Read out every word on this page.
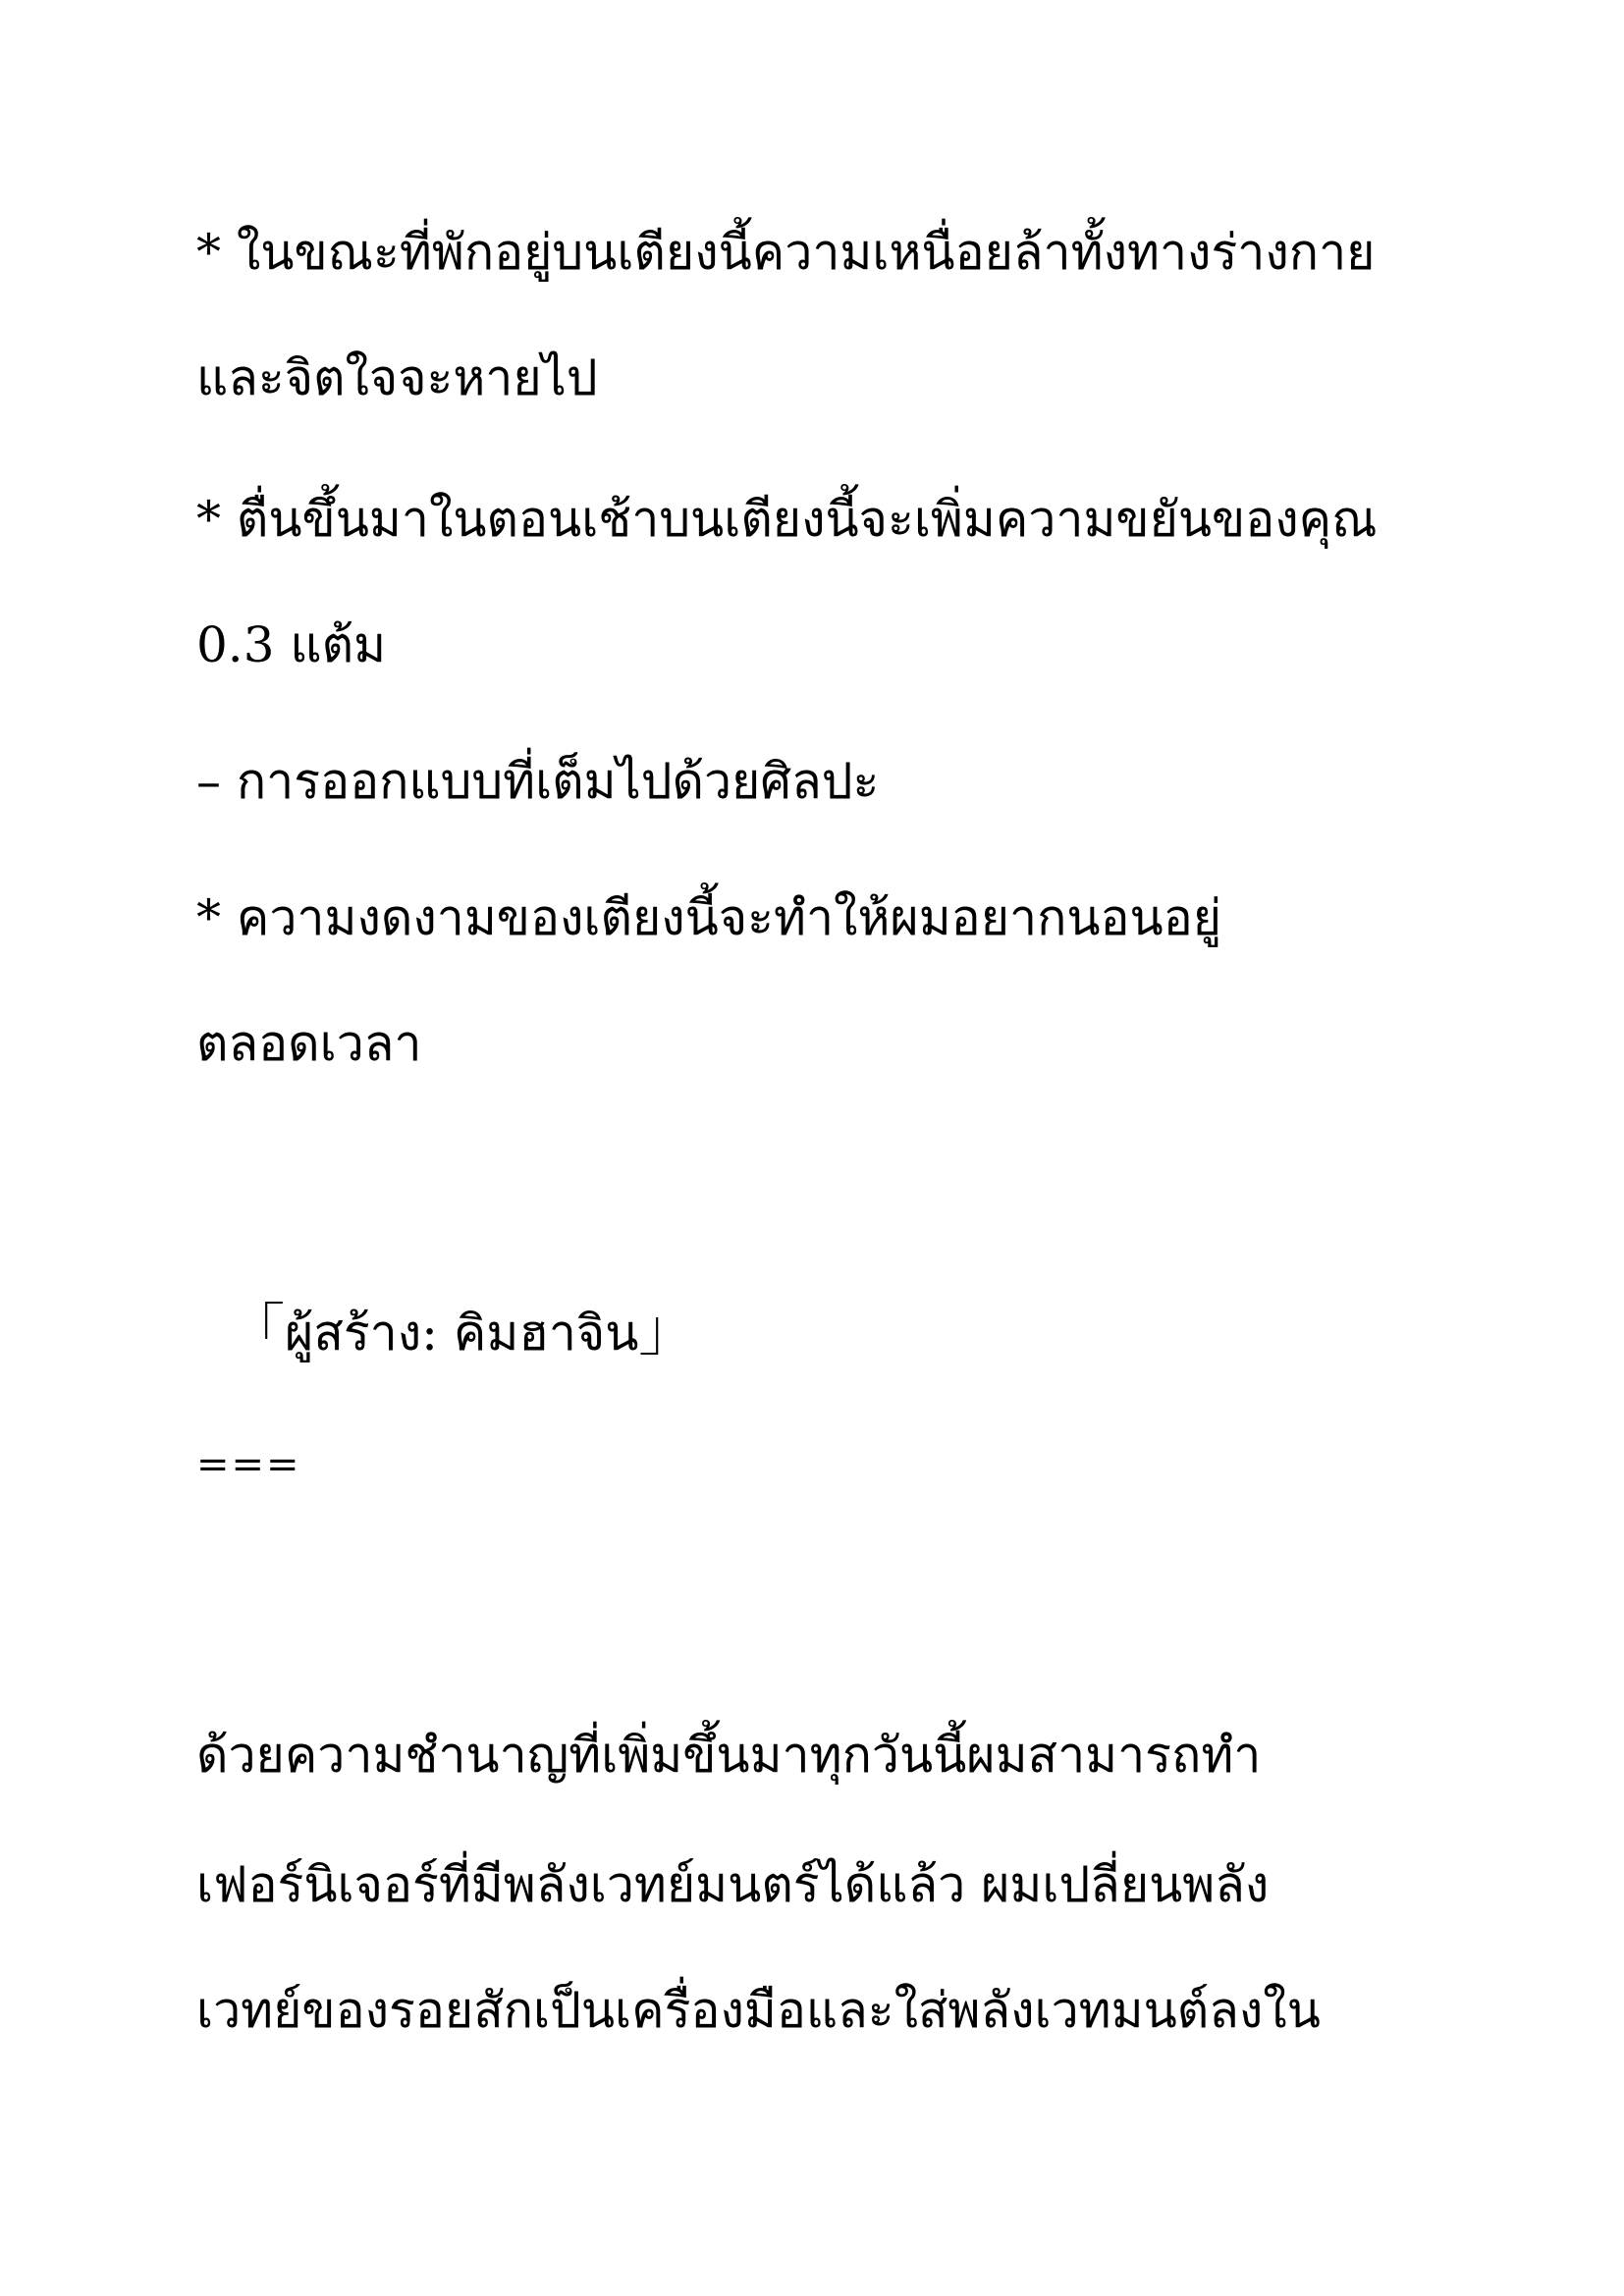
* ในขณะที่พักอยู่บนเตียงนี้ความเหนื่อยล้าทั้งทางร่างกาย
และจิตใจจะหายไป
* ตื่นขึ้นมาในตอนเช้าบนเตียงนี้จะเพิ่มความขยันของคุณ
0.3 แต้ม
– การออกแบบที่เต็มไปด้วยศิลปะ
* ความงดงามของเตียงนี้จะทำให้ผมอยากนอนอยู่
ตลอดเวลา
「ผู้สร้าง: คิมฮาจิน」
===
ด้วยความชำนาญที่เพิ่มขึ้นมาทุกวันนี้ผมสามารถทำ
เฟอร์นิเจอร์ที่มีพลังเวทย์มนตร์ได้แล้ว ผมเปลี่ยนพลัง
เวทย์ของรอยสักเป็นเครื่องมือและใส่พลังเวทมนต์ลงใน
